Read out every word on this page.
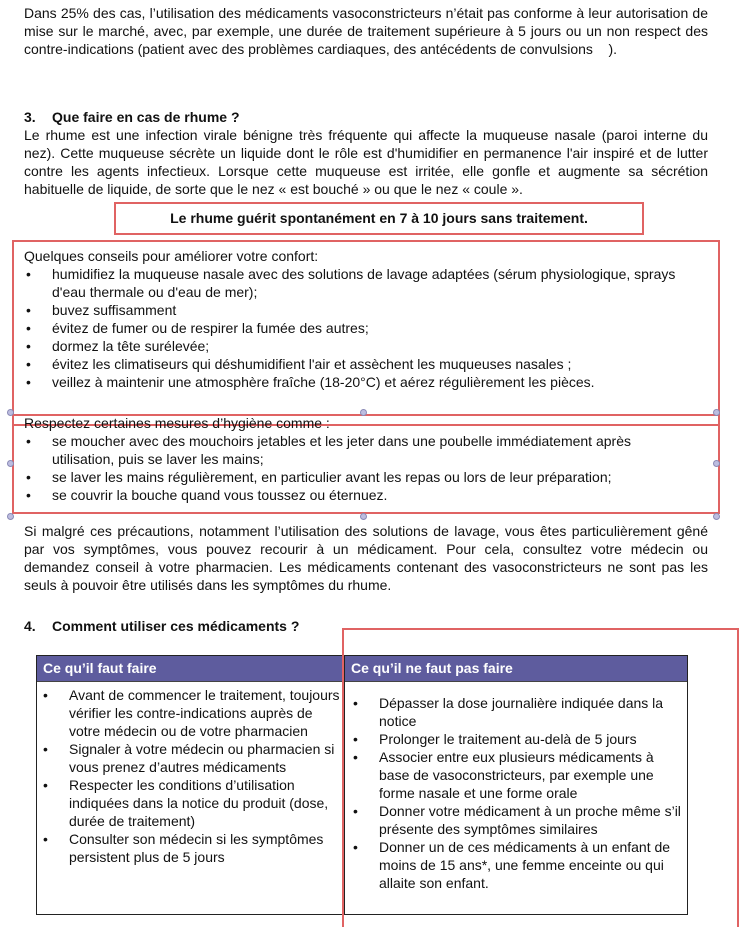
Dans 25% des cas, l’utilisation des médicaments vasoconstricteurs n’était pas conforme à leur autorisation de mise sur le marché, avec, par exemple, une durée de traitement supérieure à 5 jours ou un non respect des contre-indications (patient avec des problèmes cardiaques, des antécédents de convulsions    ).

3. Que faire en cas de rhume ?

Le rhume est une infection virale bénigne très fréquente qui affecte la muqueuse nasale (paroi interne du nez). Cette muqueuse sécrète un liquide dont le rôle est d'humidifier en permanence l'air inspiré et de lutter contre les agents infectieux. Lorsque cette muqueuse est irritée, elle gonfle et augmente sa sécrétion habituelle de liquide, de sorte que le nez « est bouché » ou que le nez « coule ».

Le rhume guérit spontanément en 7 à 10 jours sans traitement.

Quelques conseils pour améliorer votre confort:

• humidifiez la muqueuse nasale avec des solutions de lavage adaptées (sérum physiologique, sprays d'eau thermale ou d'eau de mer);
• buvez suffisamment
• évitez de fumer ou de respirer la fumée des autres;
• dormez la tête surélevée;
• évitez les climatiseurs qui déshumidifient l'air et assèchent les muqueuses nasales ;
• veillez à maintenir une atmosphère fraîche (18-20°C) et aérez régulièrement les pièces.

Respectez certaines mesures d’hygiène comme :

• se moucher avec des mouchoirs jetables et les jeter dans une poubelle immédiatement après utilisation, puis se laver les mains;
• se laver les mains régulièrement, en particulier avant les repas ou lors de leur préparation;
• se couvrir la bouche quand vous toussez ou éternuez.

Si malgré ces précautions, notamment l’utilisation des solutions de lavage, vous êtes particulièrement gêné par vos symptômes, vous pouvez recourir à un médicament. Pour cela, consultez votre médecin ou demandez conseil à votre pharmacien. Les médicaments contenant des vasoconstricteurs ne sont pas les seuls à pouvoir être utilisés dans les symptômes du rhume.

4. Comment utiliser ces médicaments ?
Ce qu’il faut faire	Ce qu’il ne faut pas faire
• Avant de commencer le traitement, toujours vérifier les contre-indications auprès de votre médecin ou de votre pharmacien
• Signaler à votre médecin ou pharmacien si vous prenez d’autres médicaments
• Respecter les conditions d’utilisation indiquées dans la notice du produit (dose, durée de traitement)
• Consulter son médecin si les symptômes persistent plus de 5 jours
• Dépasser la dose journalière indiquée dans la notice
• Prolonger le traitement au-delà de 5 jours
• Associer entre eux plusieurs médicaments à base de vasoconstricteurs, par exemple une forme nasale et une forme orale
• Donner votre médicament à un proche même s’il présente des symptômes similaires
• Donner un de ces médicaments à un enfant de moins de 15 ans*, une femme enceinte ou qui allaite son enfant.
